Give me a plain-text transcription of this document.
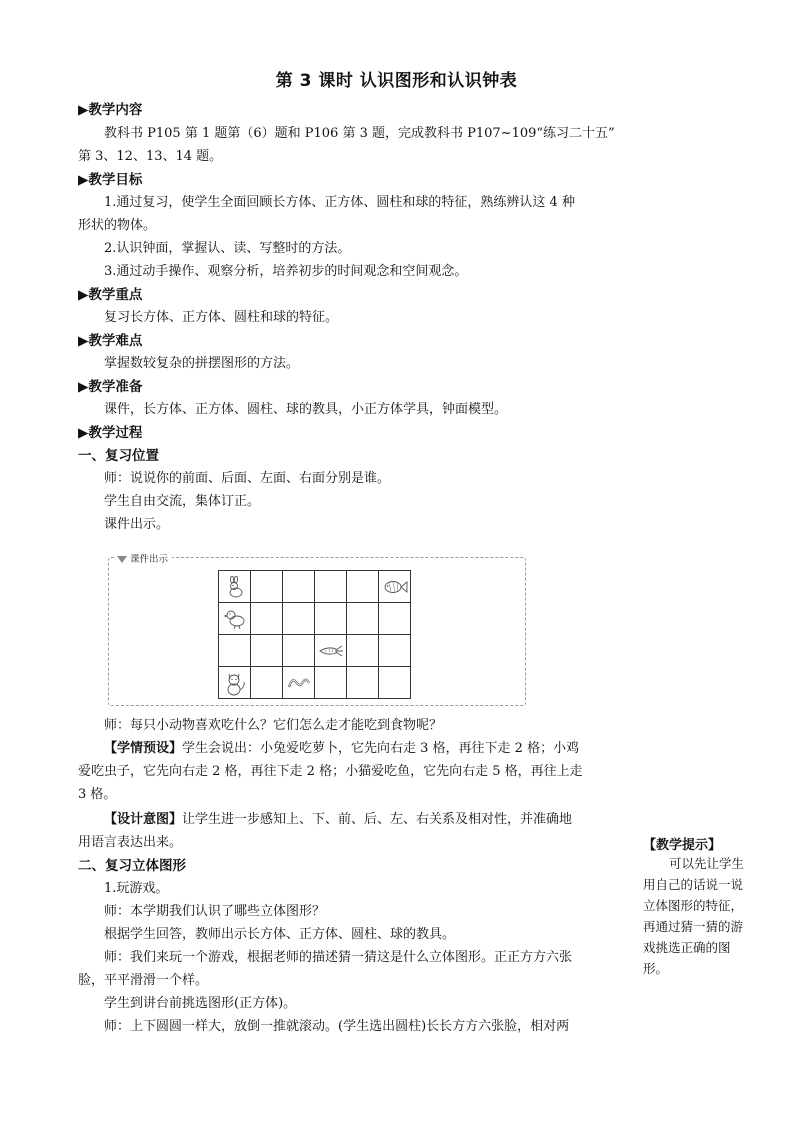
第 3 课时 认识图形和认识钟表
▶教学内容
教科书 P105 第 1 题第（6）题和 P106 第 3 题，完成教科书 P107~109“练习二十五”
第 3、12、13、14 题。
▶教学目标
1.通过复习，使学生全面回顾长方体、正方体、圆柱和球的特征，熟练辨认这 4 种
形状的物体。
2.认识钟面，掌握认、读、写整时的方法。
3.通过动手操作、观察分析，培养初步的时间观念和空间观念。
▶教学重点
复习长方体、正方体、圆柱和球的特征。
▶教学难点
掌握数较复杂的拼摆图形的方法。
▶教学准备
课件，长方体、正方体、圆柱、球的教具，小正方体学具，钟面模型。
▶教学过程
一、复习位置
师：说说你的前面、后面、左面、右面分别是谁。
学生自由交流，集体订正。
课件出示。
课件出示

师：每只小动物喜欢吃什么？它们怎么走才能吃到食物呢？
【学情预设】学生会说出：小兔爱吃萝卜，它先向右走 3 格，再往下走 2 格；小鸡
爱吃虫子，它先向右走 2 格，再往下走 2 格；小猫爱吃鱼，它先向右走 5 格，再往上走
3 格。
【设计意图】让学生进一步感知上、下、前、后、左、右关系及相对性，并准确地
用语言表达出来。
二、复习立体图形
1.玩游戏。
师：本学期我们认识了哪些立体图形？
根据学生回答，教师出示长方体、正方体、圆柱、球的教具。
师：我们来玩一个游戏，根据老师的描述猜一猜这是什么立体图形。正正方方六张
脸，平平滑滑一个样。
学生到讲台前挑选图形(正方体)。
师：上下圆圆一样大，放倒一推就滚动。(学生选出圆柱)长长方方六张脸，相对两
【教学提示】
可以先让学生
用自己的话说一说
立体图形的特征，
再通过猜一猜的游
戏挑选正确的图
形。
